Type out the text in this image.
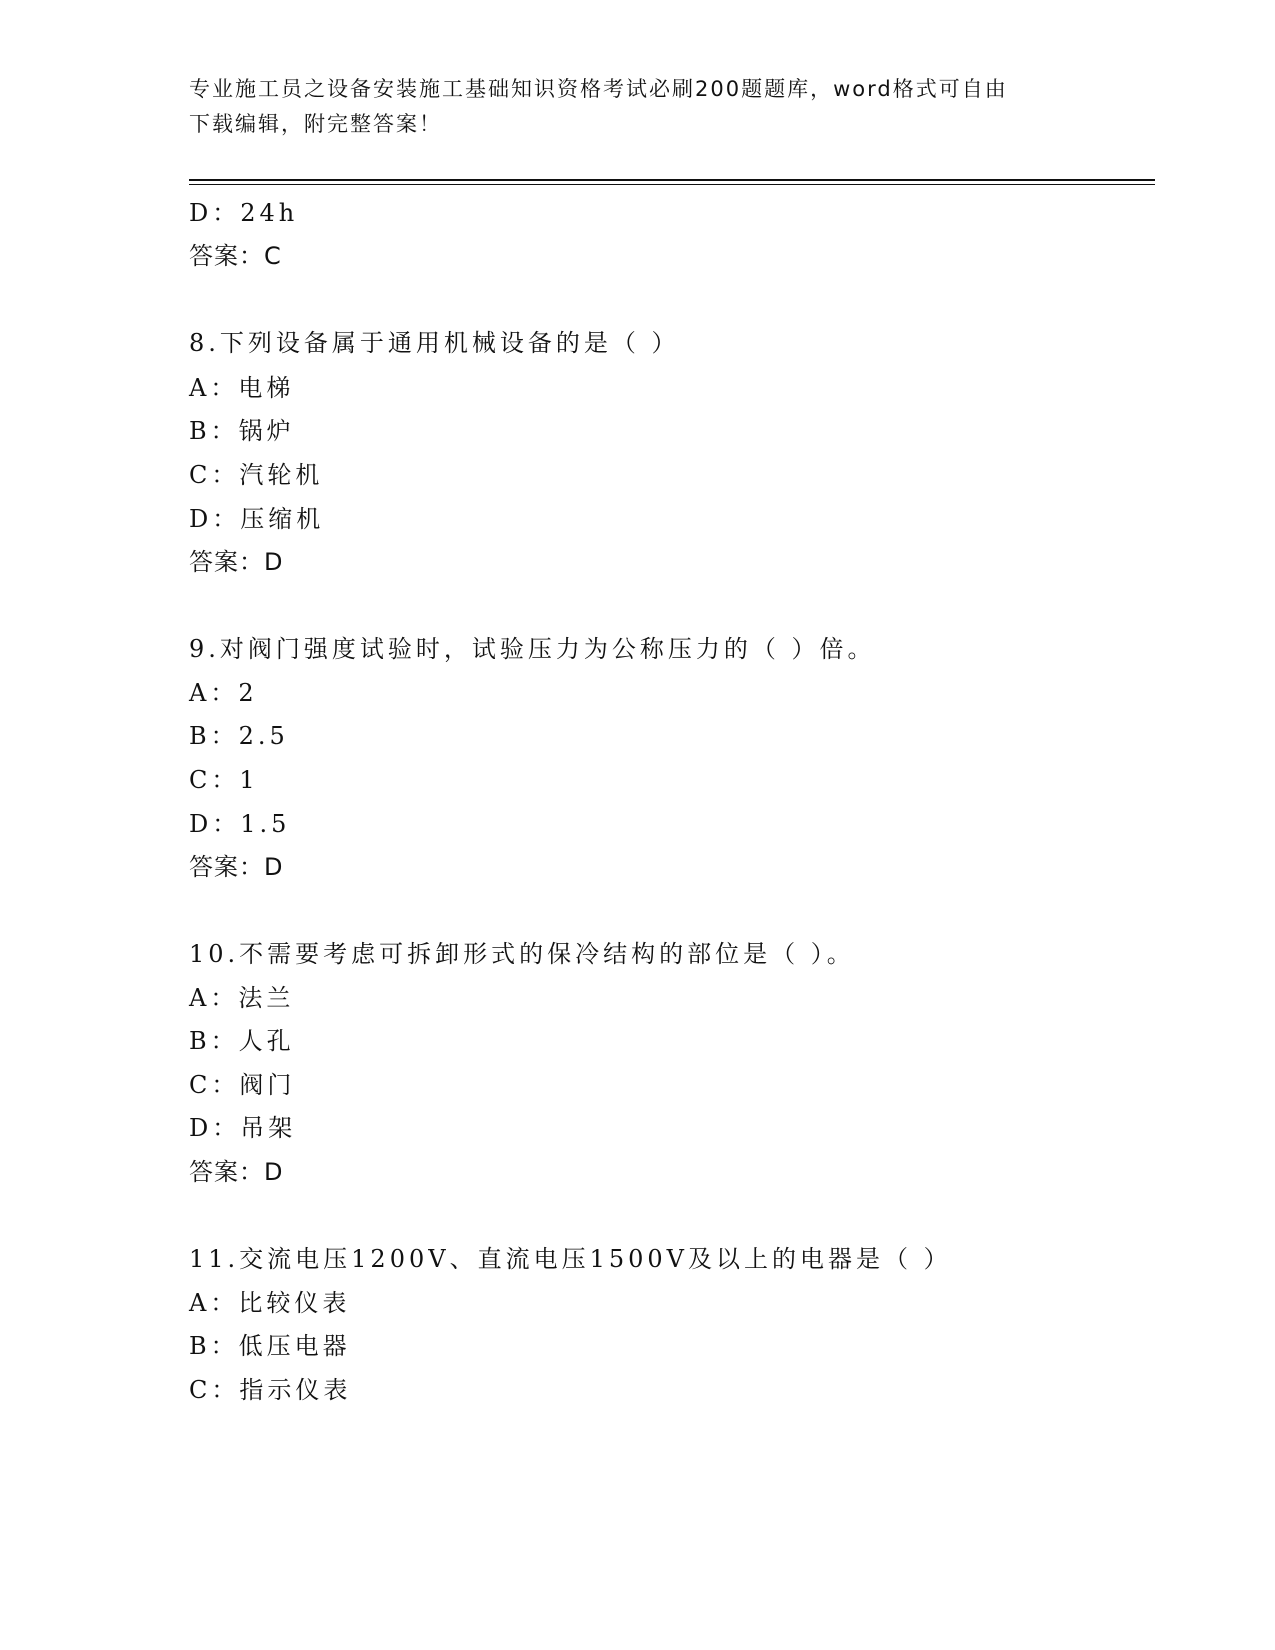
专业施工员之设备安装施工基础知识资格考试必刷200题题库，word格式可自由
下载编辑，附完整答案！
D：24h
答案：C
8.下列设备属于通用机械设备的是（ ）
A：电梯
B：锅炉
C：汽轮机
D：压缩机
答案：D
9.对阀门强度试验时，试验压力为公称压力的（ ）倍。
A：2
B：2.5
C：1
D：1.5
答案：D
10.不需要考虑可拆卸形式的保冷结构的部位是（ ）。
A：法兰
B：人孔
C：阀门
D：吊架
答案：D
11.交流电压1200V、直流电压1500V及以上的电器是（ ）
A：比较仪表
B：低压电器
C：指示仪表
